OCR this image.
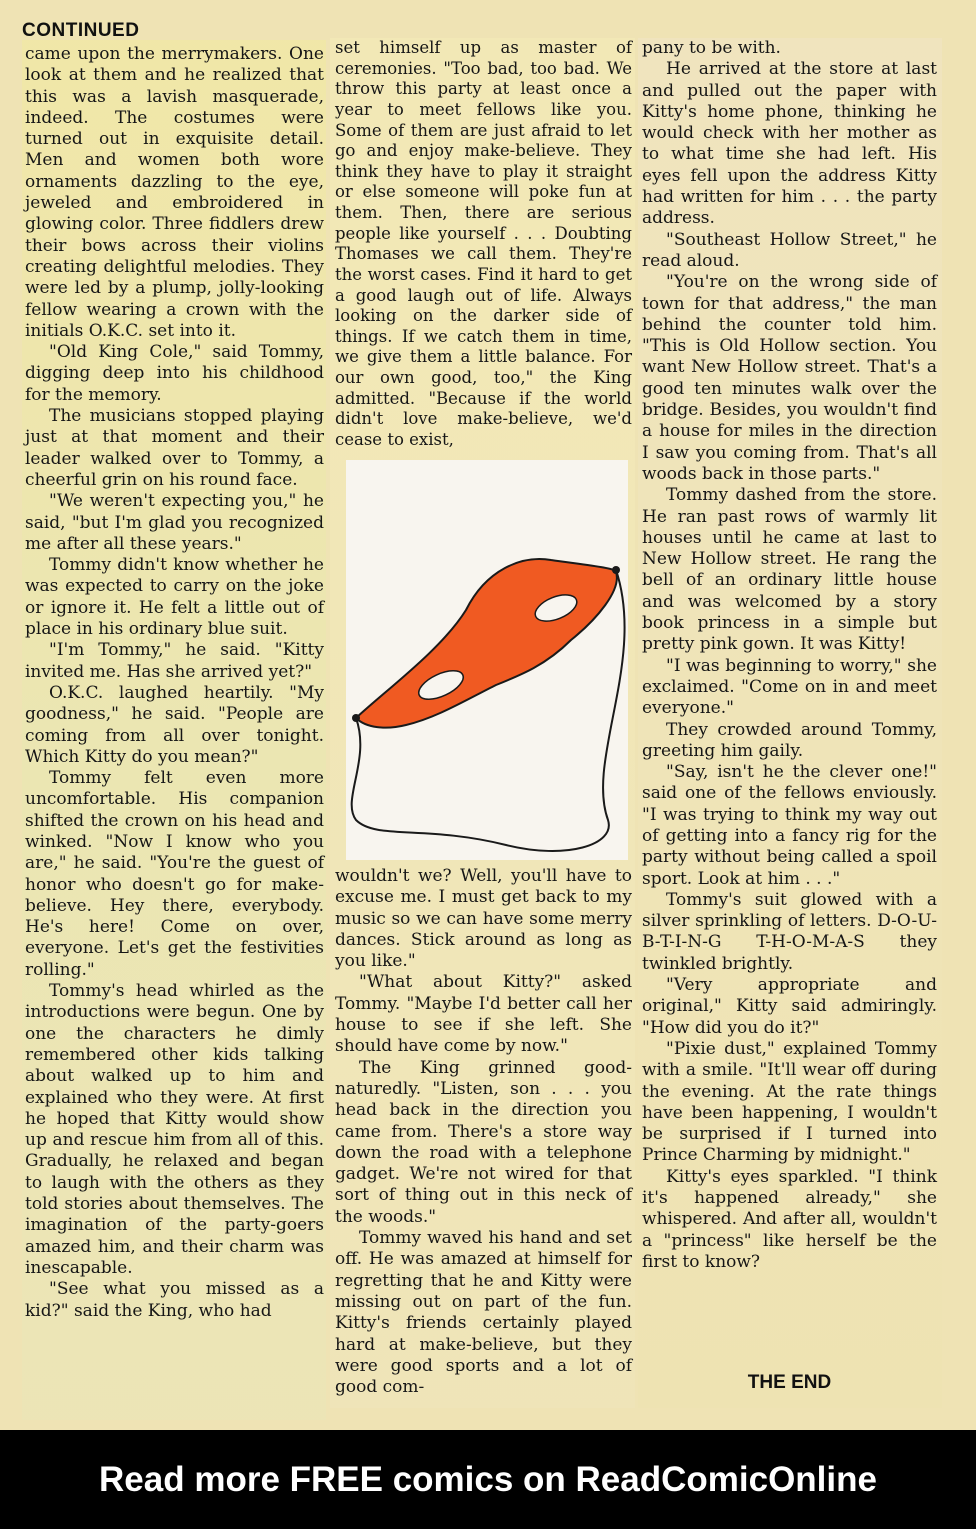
CONTINUED

came upon the merrymakers. One look at them and he realized that this was a lavish masquerade, indeed. The costumes were turned out in exquisite detail. Men and women both wore ornaments dazzling to the eye, jeweled and embroidered in glowing color. Three fiddlers drew their bows across their violins creating delightful melodies. They were led by a plump, jolly-looking fellow wearing a crown with the initials O.K.C. set into it.

"Old King Cole," said Tommy, digging deep into his childhood for the memory.

The musicians stopped playing just at that moment and their leader walked over to Tommy, a cheerful grin on his round face.

"We weren't expecting you," he said, "but I'm glad you recognized me after all these years."

Tommy didn't know whether he was expected to carry on the joke or ignore it. He felt a little out of place in his ordinary blue suit.

"I'm Tommy," he said. "Kitty invited me. Has she arrived yet?"

O.K.C. laughed heartily. "My goodness," he said. "People are coming from all over tonight. Which Kitty do you mean?"

Tommy felt even more uncomfortable. His companion shifted the crown on his head and winked. "Now I know who you are," he said. "You're the guest of honor who doesn't go for make-believe. Hey there, everybody. He's here! Come on over, everyone. Let's get the festivities rolling."

Tommy's head whirled as the introductions were begun. One by one the characters he dimly remembered other kids talking about walked up to him and explained who they were. At first he hoped that Kitty would show up and rescue him from all of this. Gradually, he relaxed and began to laugh with the others as they told stories about themselves. The imagination of the party-goers amazed him, and their charm was inescapable.

"See what you missed as a kid?" said the King, who had

set himself up as master of ceremonies. "Too bad, too bad. We throw this party at least once a year to meet fellows like you. Some of them are just afraid to let go and enjoy make-believe. They think they have to play it straight or else someone will poke fun at them. Then, there are serious people like yourself . . . Doubting Thomases we call them. They're the worst cases. Find it hard to get a good laugh out of life. Always looking on the darker side of things. If we catch them in time, we give them a little balance. For our own good, too," the King admitted. "Because if the world didn't love make-believe, we'd cease to exist,

wouldn't we? Well, you'll have to excuse me. I must get back to my music so we can have some merry dances. Stick around as long as you like."

"What about Kitty?" asked Tommy. "Maybe I'd better call her house to see if she left. She should have come by now."

The King grinned good-naturedly. "Listen, son . . . you head back in the direction you came from. There's a store way down the road with a telephone gadget. We're not wired for that sort of thing out in this neck of the woods."

Tommy waved his hand and set off. He was amazed at himself for regretting that he and Kitty were missing out on part of the fun. Kitty's friends certainly played hard at make-believe, but they were good sports and a lot of good com-

pany to be with.

He arrived at the store at last and pulled out the paper with Kitty's home phone, thinking he would check with her mother as to what time she had left. His eyes fell upon the address Kitty had written for him . . . the party address.

"Southeast Hollow Street," he read aloud.

"You're on the wrong side of town for that address," the man behind the counter told him. "This is Old Hollow section. You want New Hollow street. That's a good ten minutes walk over the bridge. Besides, you wouldn't find a house for miles in the direction I saw you coming from. That's all woods back in those parts."

Tommy dashed from the store. He ran past rows of warmly lit houses until he came at last to New Hollow street. He rang the bell of an ordinary little house and was welcomed by a story book princess in a simple but pretty pink gown. It was Kitty!

"I was beginning to worry," she exclaimed. "Come on in and meet everyone."

They crowded around Tommy, greeting him gaily.

"Say, isn't he the clever one!" said one of the fellows enviously. "I was trying to think my way out of getting into a fancy rig for the party without being called a spoil sport. Look at him . . ."

Tommy's suit glowed with a silver sprinkling of letters. D-O-U-B-T-I-N-G T-H-O-M-A-S they twinkled brightly.

"Very appropriate and original," Kitty said admiringly. "How did you do it?"

"Pixie dust," explained Tommy with a smile. "It'll wear off during the evening. At the rate things have been happening, I wouldn't be surprised if I turned into Prince Charming by midnight."

Kitty's eyes sparkled. "I think it's happened already," she whispered. And after all, wouldn't a "princess" like herself be the first to know?

THE END
Read more FREE comics on ReadComicOnline
